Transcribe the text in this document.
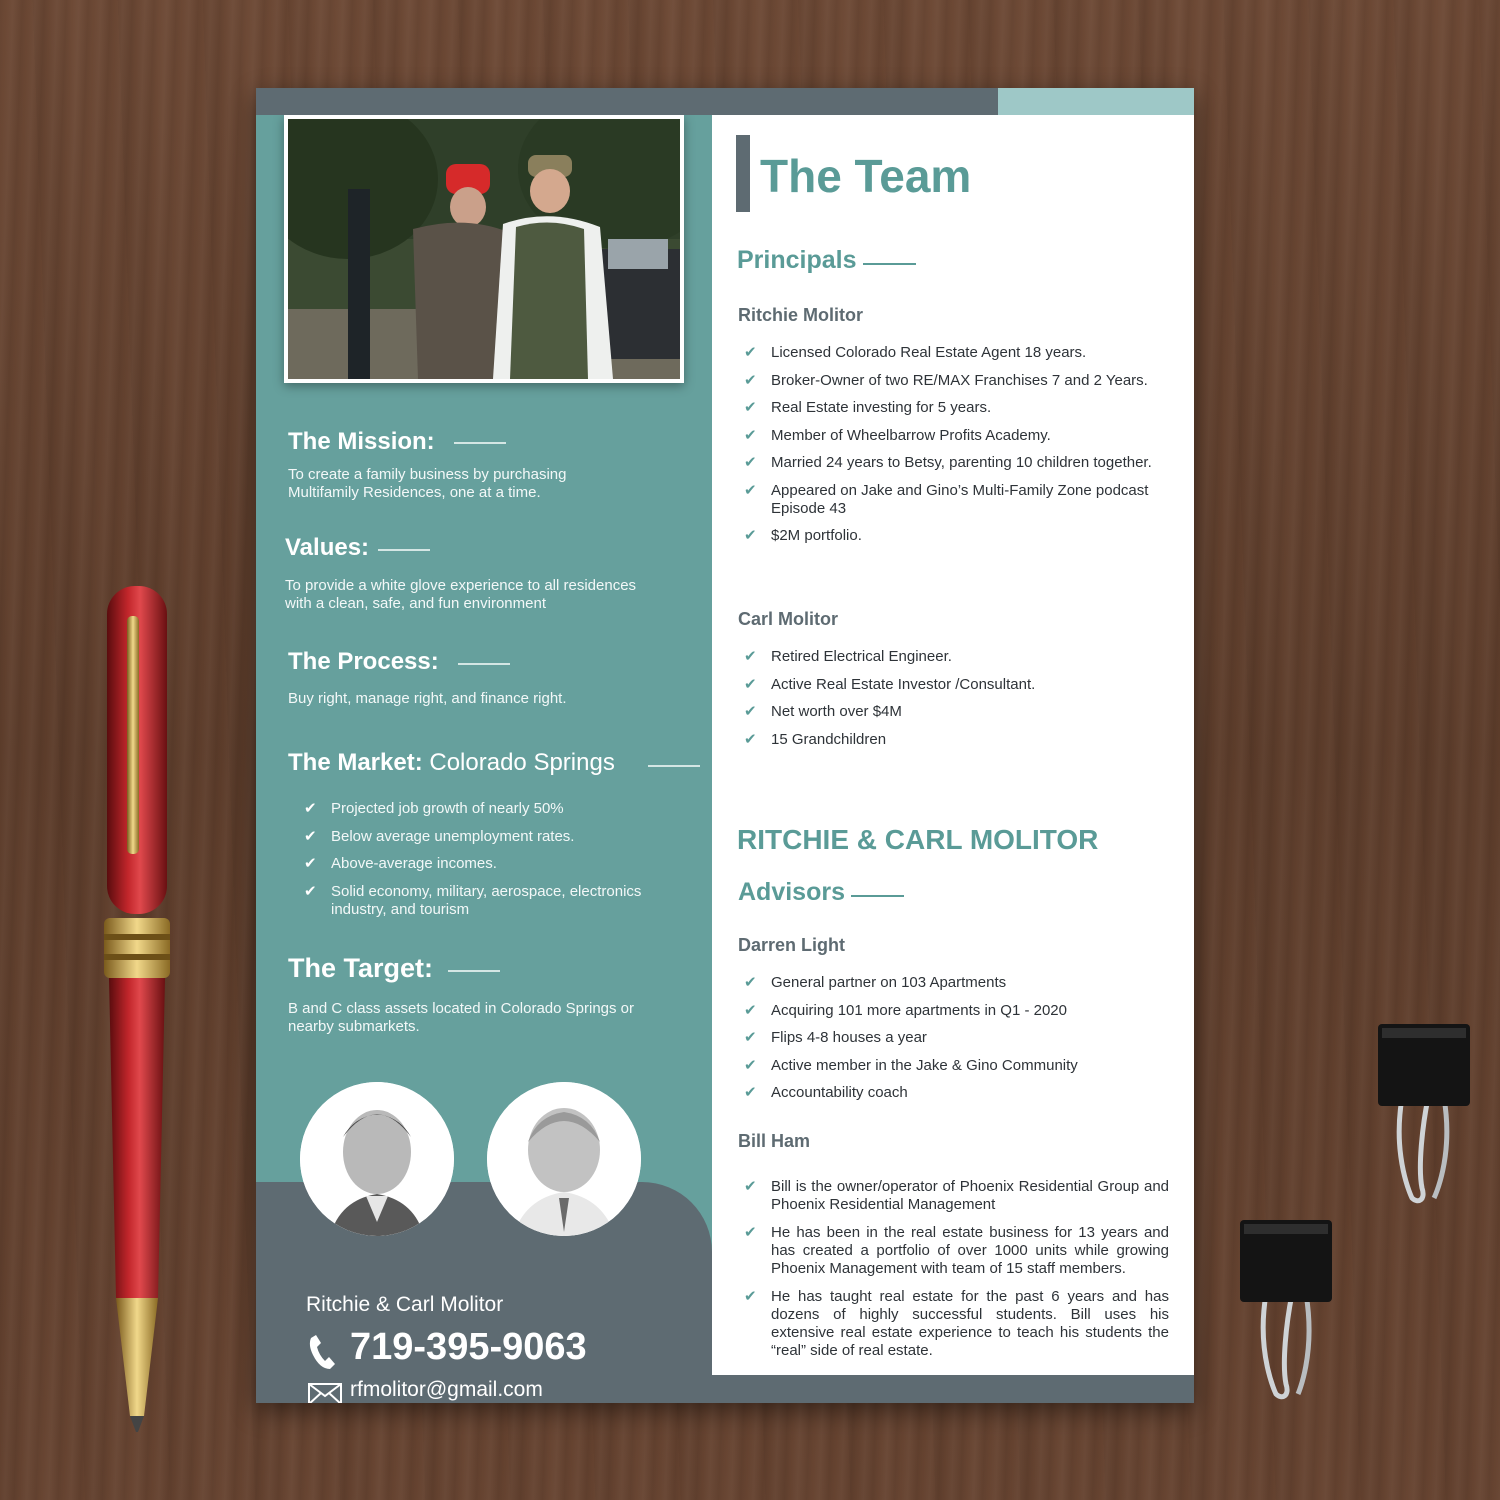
The Mission:
To create a family business by purchasing Multifamily Residences, one at a time.
Values:
To provide a white glove experience to all residences with a clean, safe, and fun environment
The Process:
Buy right, manage right, and finance right.
The Market: Colorado Springs
✔ Projected job growth of nearly 50%
✔ Below average unemployment rates.
✔ Above-average incomes.
✔ Solid economy, military, aerospace, electronics industry, and tourism
The Target:
B and C class assets located in Colorado Springs or nearby submarkets.
Ritchie & Carl Molitor
719-395-9063
rfmolitor@gmail.com
The Team
Principals
Ritchie Molitor
✔ Licensed Colorado Real Estate Agent 18 years.
✔ Broker-Owner of two RE/MAX Franchises 7 and 2 Years.
✔ Real Estate investing for 5 years.
✔ Member of Wheelbarrow Profits Academy.
✔ Married 24 years to Betsy, parenting 10 children together.
✔ Appeared on Jake and Gino’s Multi-Family Zone podcast Episode 43
✔ $2M portfolio.
Carl Molitor
✔ Retired Electrical Engineer.
✔ Active Real Estate Investor /Consultant.
✔ Net worth over $4M
✔ 15 Grandchildren
RITCHIE & CARL MOLITOR
Advisors
Darren Light
✔ General partner on 103 Apartments
✔ Acquiring 101 more apartments in Q1 - 2020
✔ Flips 4-8 houses a year
✔ Active member in the Jake & Gino Community
✔ Accountability coach
Bill Ham
✔ Bill is the owner/operator of Phoenix Residential Group and Phoenix Residential Management
✔ He has been in the real estate business for 13 years and has created a portfolio of over 1000 units while growing Phoenix Management with team of 15 staff members.
✔ He has taught real estate for the past 6 years and has dozens of highly successful students. Bill uses his extensive real estate experience to teach his students the “real” side of real estate.
